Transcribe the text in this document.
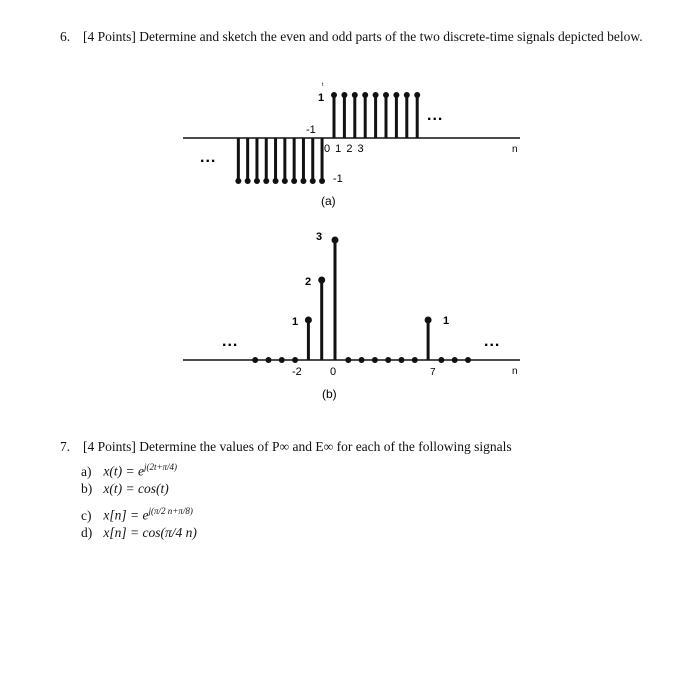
6. [4 Points] Determine and sketch the even and odd parts of the two discrete-time signals depicted below.
1
t
-1
-1
0 1 2 3	n
...
...
(a)
3
2
1	1
-2	0	7	n
...	...
(b)
7. [4 Points] Determine the values of P∞ and E∞ for each of the following signals
a) $x(t) = e^{j(2t+\pi/4)}$
b) x(t) = cos(t)
c) $x[n] = e^{j(\pi/2 n+\pi/8)}$
d) x[n] = cos(π/4 n)
